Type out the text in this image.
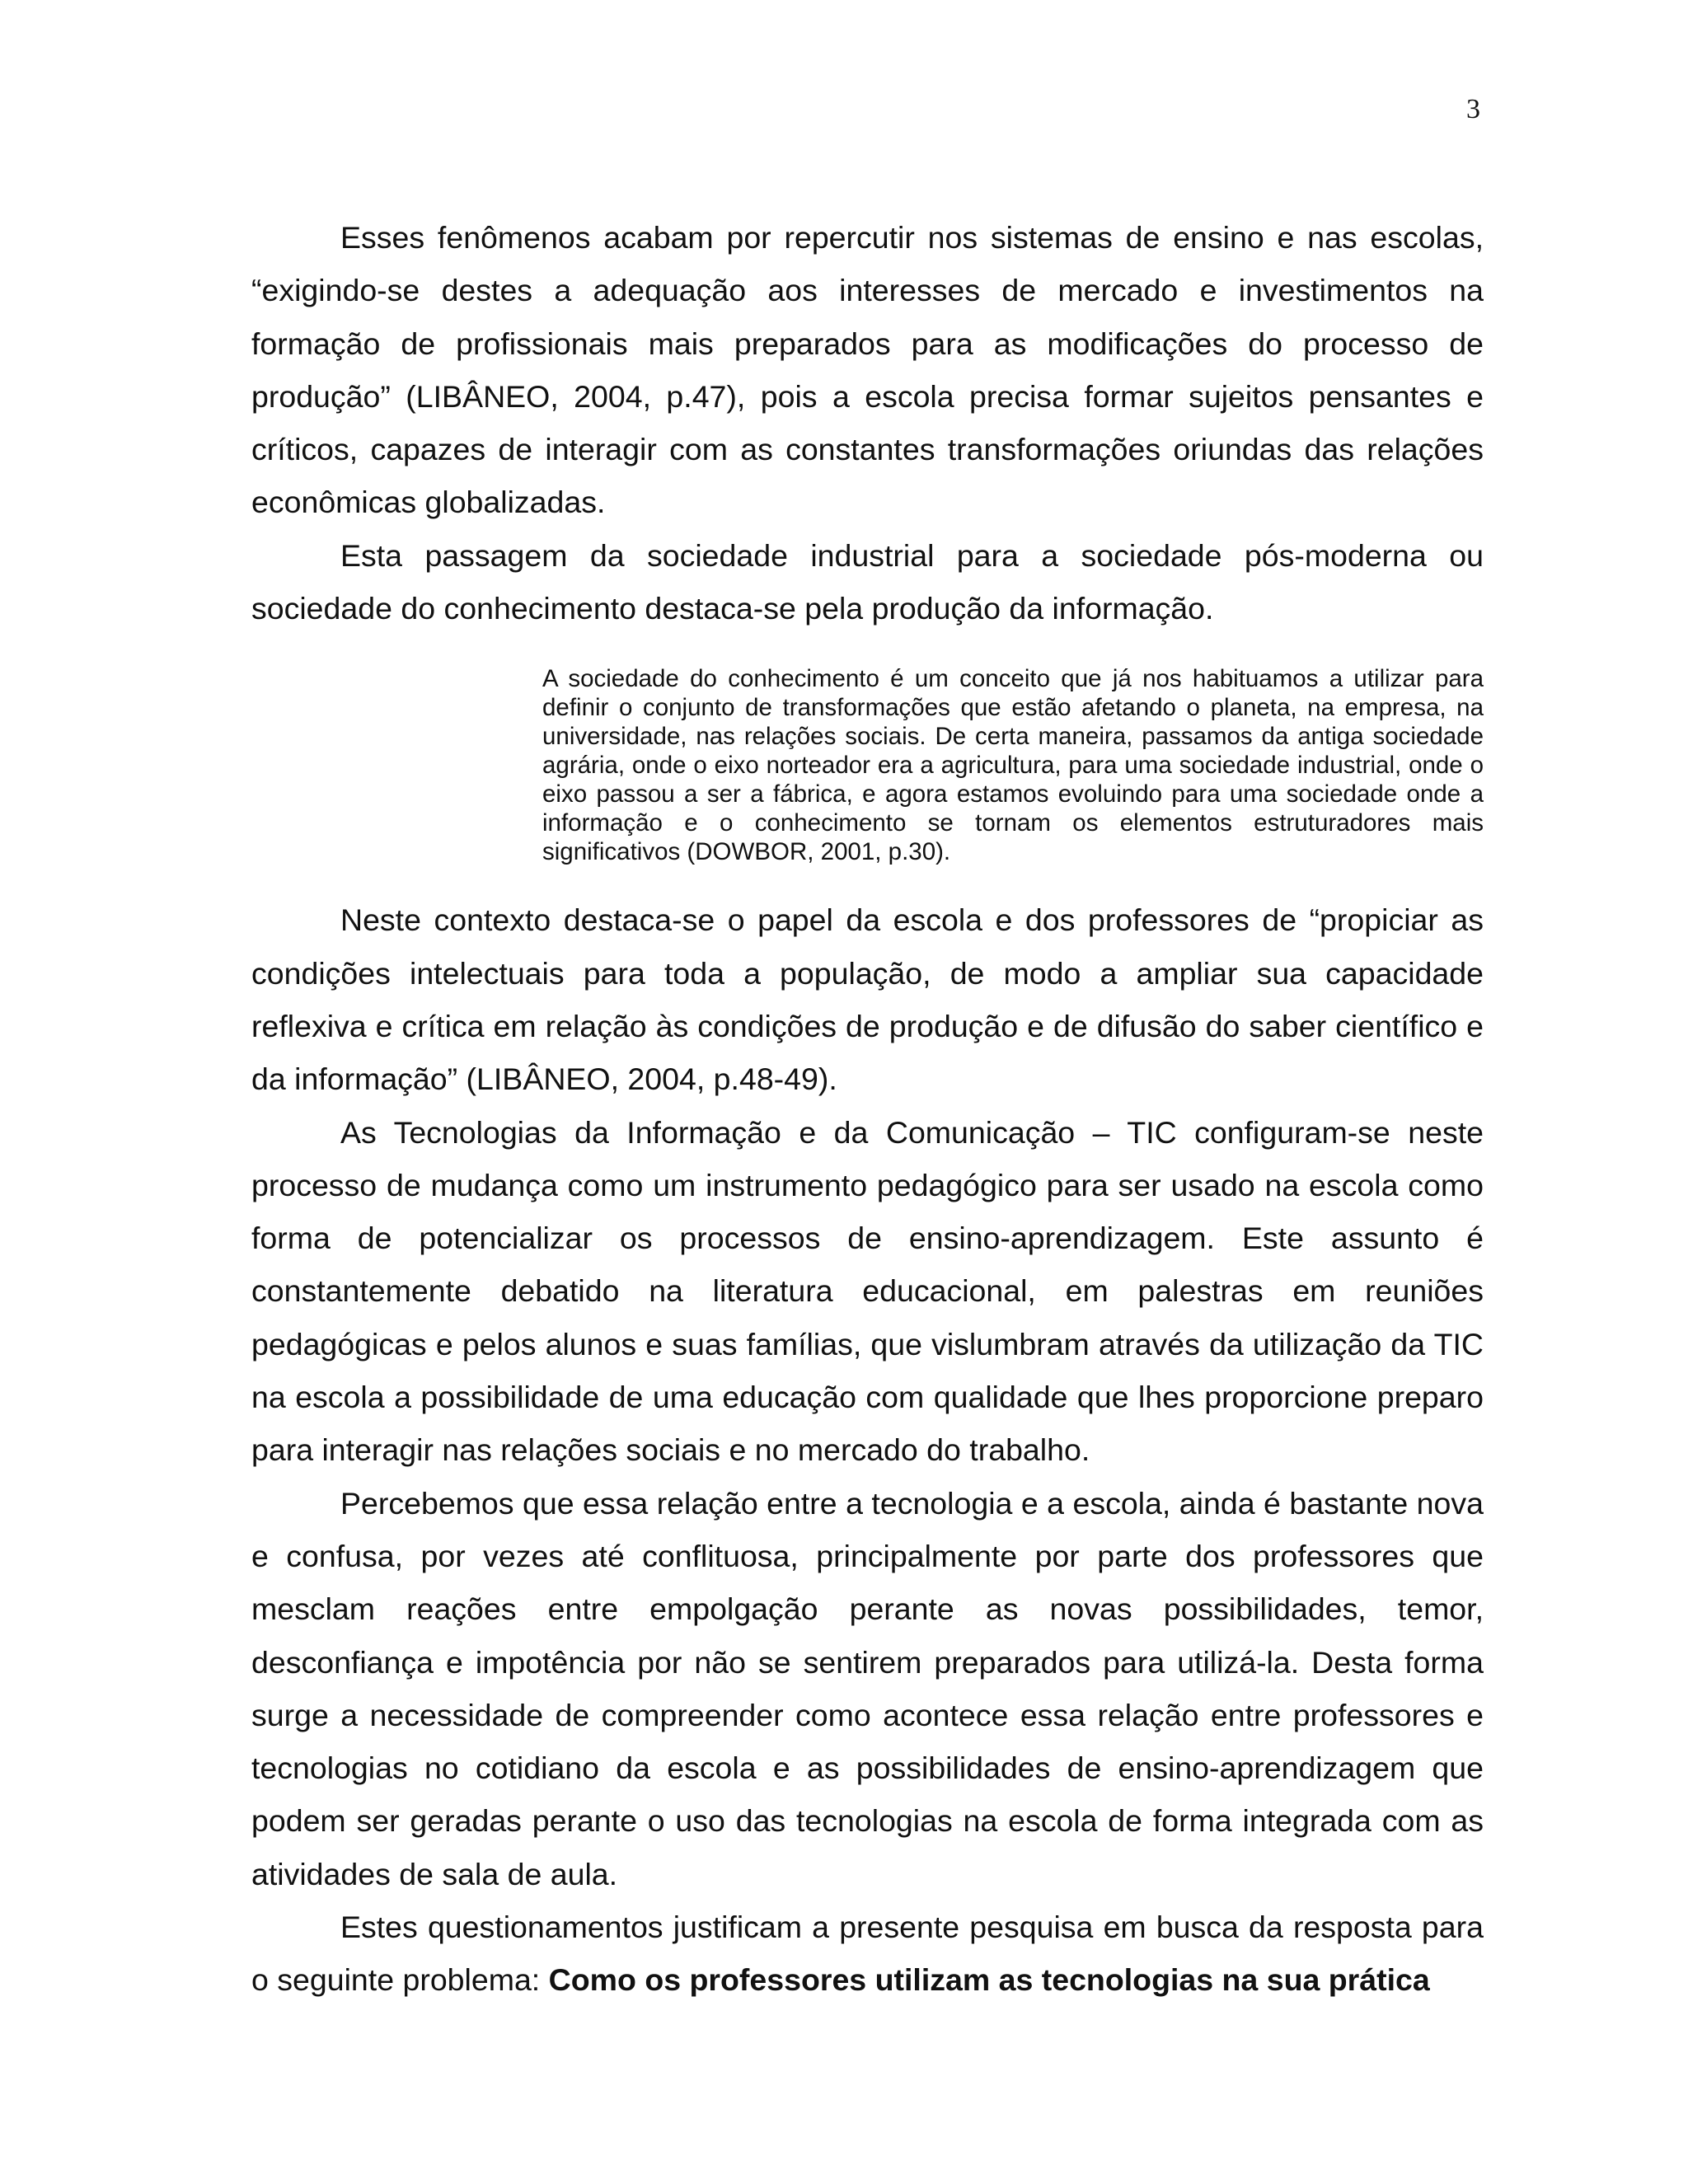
3

Esses fenômenos acabam por repercutir nos sistemas de ensino e nas escolas, “exigindo-se destes a adequação aos interesses de mercado e investimentos na formação de profissionais mais preparados para as modificações do processo de produção” (LIBÂNEO, 2004, p.47), pois a escola precisa formar sujeitos pensantes e críticos, capazes de interagir com as constantes transformações oriundas das relações econômicas globalizadas.

Esta passagem da sociedade industrial para a sociedade pós-moderna ou sociedade do conhecimento destaca-se pela produção da informação.

A sociedade do conhecimento é um conceito que já nos habituamos a utilizar para definir o conjunto de transformações que estão afetando o planeta, na empresa, na universidade, nas relações sociais. De certa maneira, passamos da antiga sociedade agrária, onde o eixo norteador era a agricultura, para uma sociedade industrial, onde o eixo passou a ser a fábrica, e agora estamos evoluindo para uma sociedade onde a informação e o conhecimento se tornam os elementos estruturadores mais significativos (DOWBOR, 2001, p.30).

Neste contexto destaca-se o papel da escola e dos professores de “propiciar as condições intelectuais para toda a população, de modo a ampliar sua capacidade reflexiva e crítica em relação às condições de produção e de difusão do saber científico e da informação” (LIBÂNEO, 2004, p.48-49).

As Tecnologias da Informação e da Comunicação – TIC configuram-se neste processo de mudança como um instrumento pedagógico para ser usado na escola como forma de potencializar os processos de ensino-aprendizagem. Este assunto é constantemente debatido na literatura educacional, em palestras em reuniões pedagógicas e pelos alunos e suas famílias, que vislumbram através da utilização da TIC na escola a possibilidade de uma educação com qualidade que lhes proporcione preparo para interagir nas relações sociais e no mercado do trabalho.

Percebemos que essa relação entre a tecnologia e a escola, ainda é bastante nova e confusa, por vezes até conflituosa, principalmente por parte dos professores que mesclam reações entre empolgação perante as novas possibilidades, temor, desconfiança e impotência por não se sentirem preparados para utilizá-la. Desta forma surge a necessidade de compreender como acontece essa relação entre professores e tecnologias no cotidiano da escola e as possibilidades de ensino-aprendizagem que podem ser geradas perante o uso das tecnologias na escola de forma integrada com as atividades de sala de aula.

Estes questionamentos justificam a presente pesquisa em busca da resposta para o seguinte problema: Como os professores utilizam as tecnologias na sua prática
